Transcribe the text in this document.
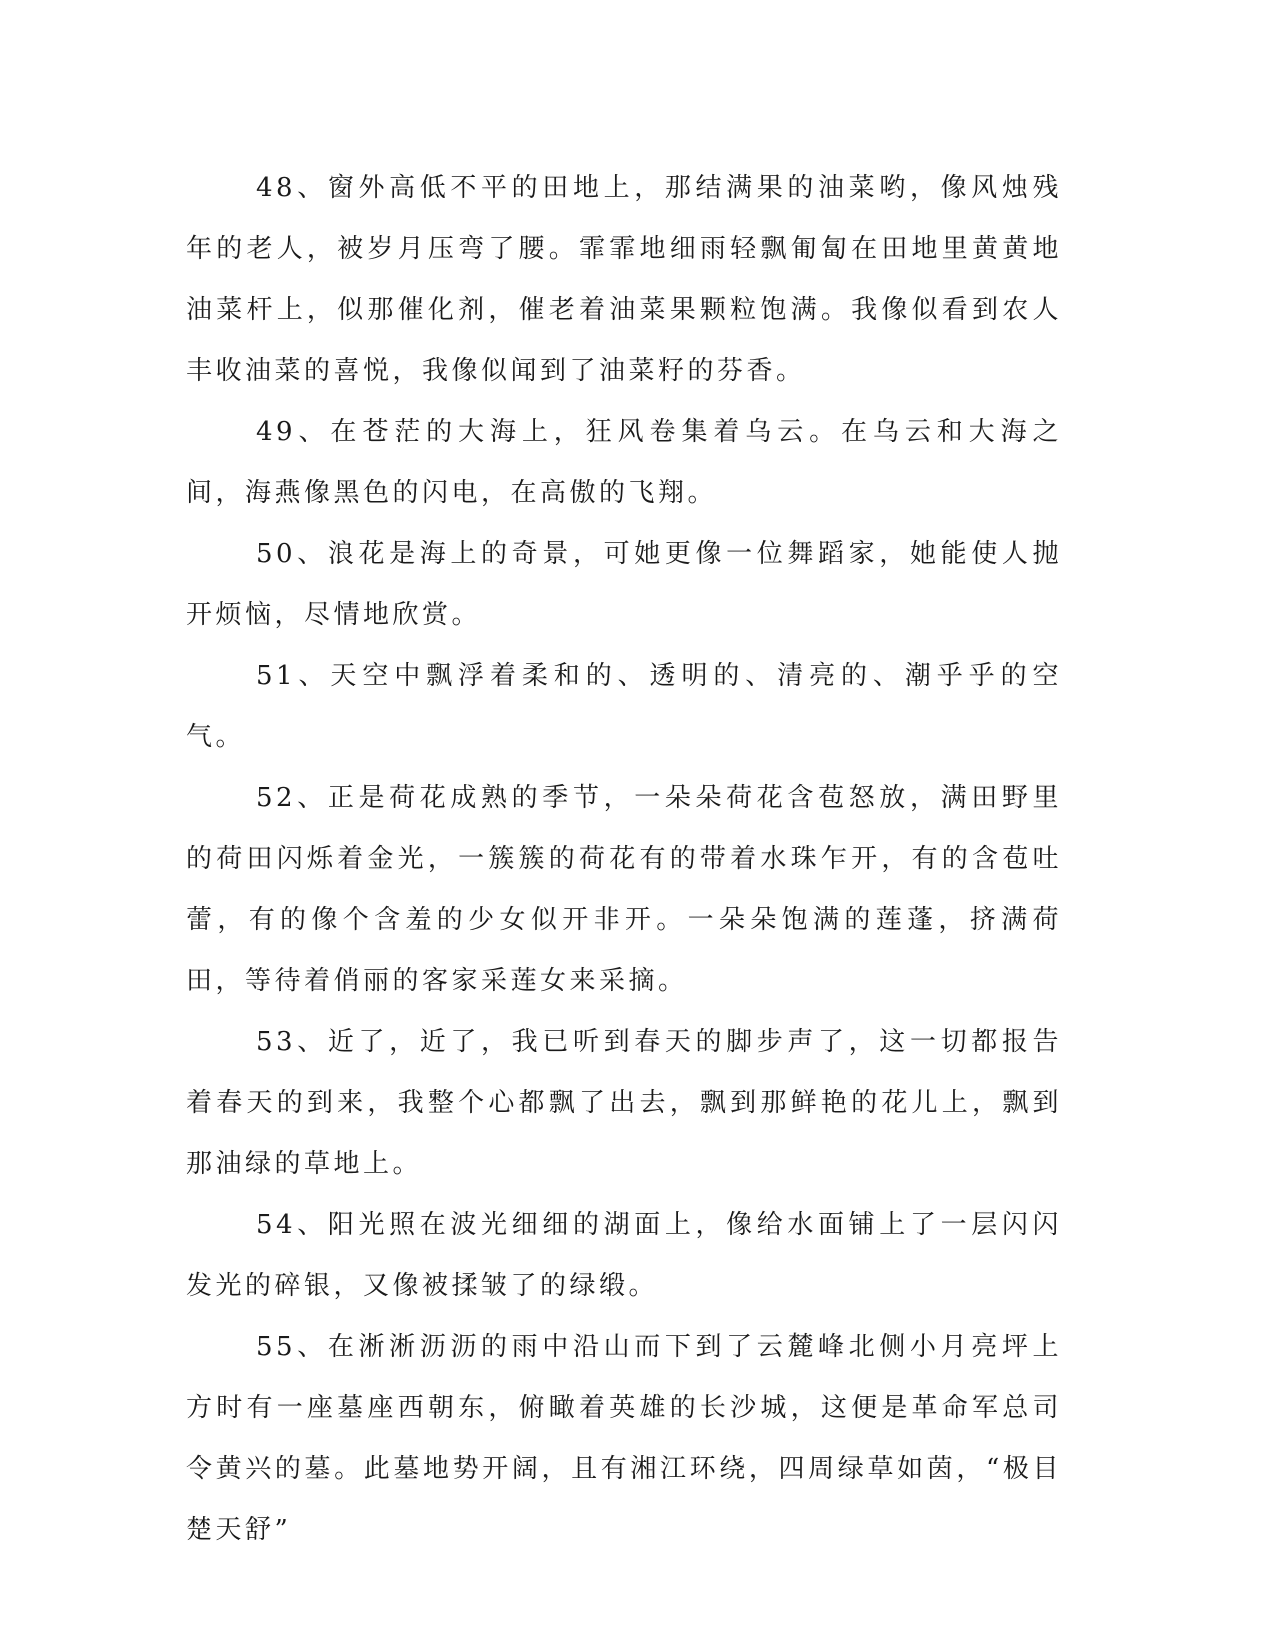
48、窗外高低不平的田地上，那结满果的油菜哟，像风烛残年的老人，被岁月压弯了腰。霏霏地细雨轻飘匍匐在田地里黄黄地油菜杆上，似那催化剂，催老着油菜果颗粒饱满。我像似看到农人丰收油菜的喜悦，我像似闻到了油菜籽的芬香。

49、在苍茫的大海上，狂风卷集着乌云。在乌云和大海之间，海燕像黑色的闪电，在高傲的飞翔。

50、浪花是海上的奇景，可她更像一位舞蹈家，她能使人抛开烦恼，尽情地欣赏。

51、天空中飘浮着柔和的、透明的、清亮的、潮乎乎的空气。

52、正是荷花成熟的季节，一朵朵荷花含苞怒放，满田野里的荷田闪烁着金光，一簇簇的荷花有的带着水珠乍开，有的含苞吐蕾，有的像个含羞的少女似开非开。一朵朵饱满的莲蓬，挤满荷田，等待着俏丽的客家采莲女来采摘。

53、近了，近了，我已听到春天的脚步声了，这一切都报告着春天的到来，我整个心都飘了出去，飘到那鲜艳的花儿上，飘到那油绿的草地上。

54、阳光照在波光细细的湖面上，像给水面铺上了一层闪闪发光的碎银，又像被揉皱了的绿缎。

55、在淅淅沥沥的雨中沿山而下到了云麓峰北侧小月亮坪上方时有一座墓座西朝东，俯瞰着英雄的长沙城，这便是革命军总司令黄兴的墓。此墓地势开阔，且有湘江环绕，四周绿草如茵，“极目楚天舒”
